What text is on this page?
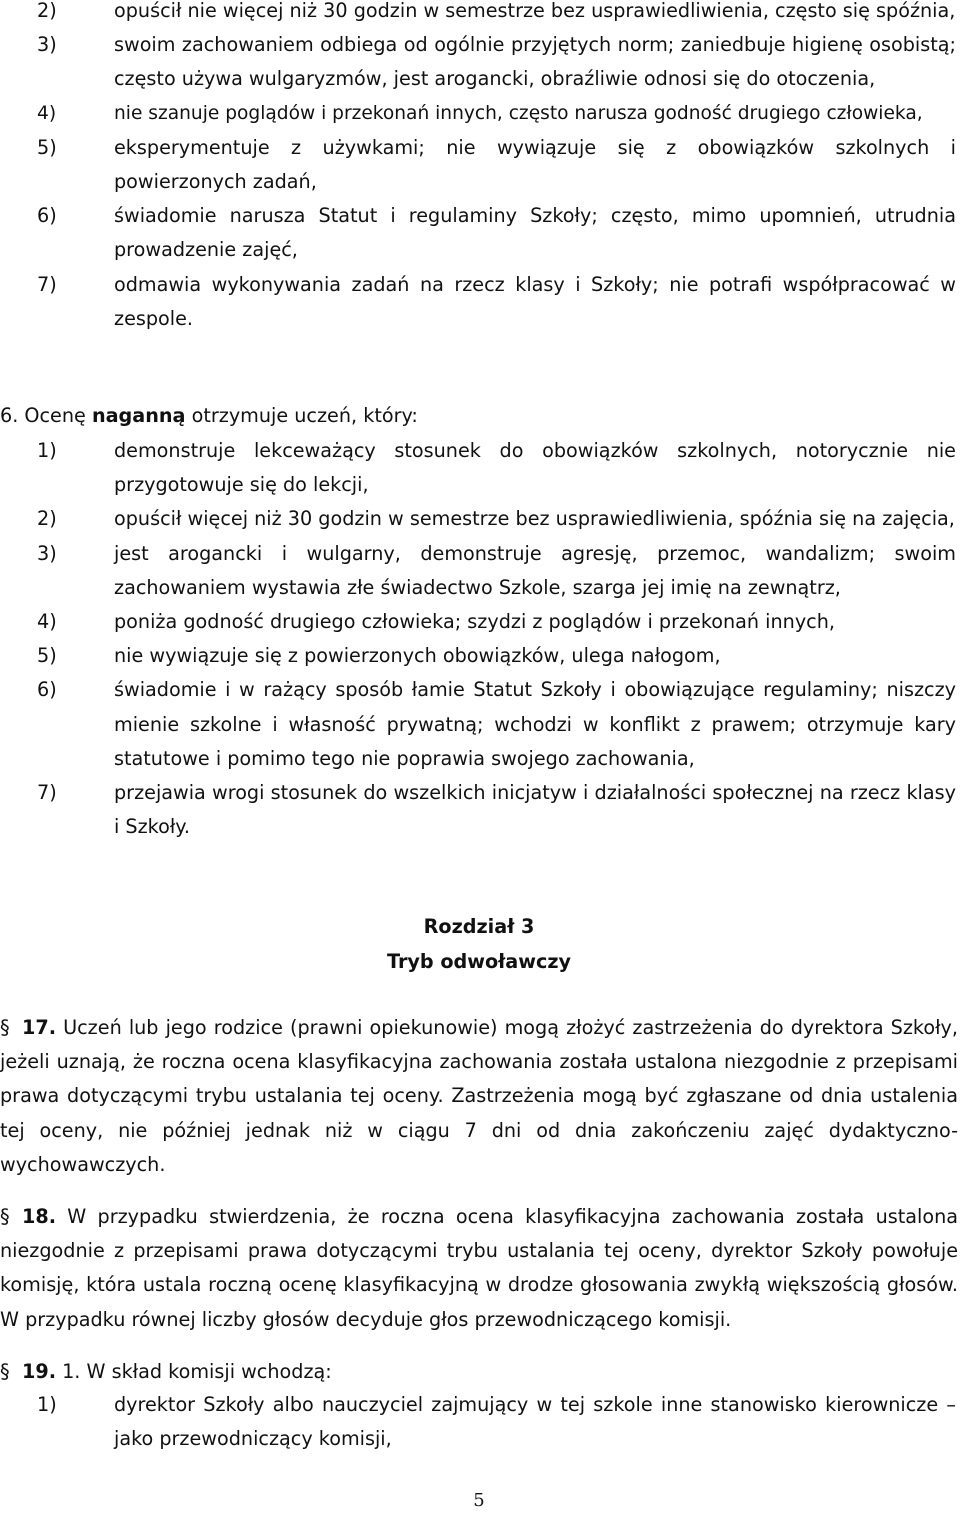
2)	opuścił nie więcej niż 30 godzin w semestrze bez usprawiedliwienia, często się spóźnia,
3)	swoim zachowaniem odbiega od ogólnie przyjętych norm; zaniedbuje higienę osobistą; często używa wulgaryzmów, jest arogancki, obraźliwie odnosi się do otoczenia,
4)	nie szanuje poglądów i przekonań innych, często narusza godność drugiego człowieka,
5)	eksperymentuje z używkami; nie wywiązuje się z obowiązków szkolnych i powierzonych zadań,
6)	świadomie narusza Statut i regulaminy Szkoły; często, mimo upomnień, utrudnia prowadzenie zajęć,
7)	odmawia wykonywania zadań na rzecz klasy i Szkoły; nie potrafi współpracować w zespole.
6. Ocenę naganną otrzymuje uczeń, który:
1)	demonstruje lekceważący stosunek do obowiązków szkolnych, notorycznie nie przygotowuje się do lekcji,
2)	opuścił więcej niż 30 godzin w semestrze bez usprawiedliwienia, spóźnia się na zajęcia,
3)	jest arogancki i wulgarny, demonstruje agresję, przemoc, wandalizm; swoim zachowaniem wystawia złe świadectwo Szkole, szarga jej imię na zewnątrz,
4)	poniża godność drugiego człowieka; szydzi z poglądów i przekonań innych,
5)	nie wywiązuje się z powierzonych obowiązków, ulega nałogom,
6)	świadomie i w rażący sposób łamie Statut Szkoły i obowiązujące regulaminy; niszczy mienie szkolne i własność prywatną; wchodzi w konflikt z prawem; otrzymuje kary statutowe i pomimo tego nie poprawia swojego zachowania,
7)	przejawia wrogi stosunek do wszelkich inicjatyw i działalności społecznej na rzecz klasy i Szkoły.
Rozdział 3
Tryb odwoławczy

§ 17. Uczeń lub jego rodzice (prawni opiekunowie) mogą złożyć zastrzeżenia do dyrektora Szkoły, jeżeli uznają, że roczna ocena klasyfikacyjna zachowania została ustalona niezgodnie z przepisami prawa dotyczącymi trybu ustalania tej oceny. Zastrzeżenia mogą być zgłaszane od dnia ustalenia tej oceny, nie później jednak niż w ciągu 7 dni od dnia zakończeniu zajęć dydaktyczno-wychowawczych.

§ 18. W przypadku stwierdzenia, że roczna ocena klasyfikacyjna zachowania została ustalona niezgodnie z przepisami prawa dotyczącymi trybu ustalania tej oceny, dyrektor Szkoły powołuje komisję, która ustala roczną ocenę klasyfikacyjną w drodze głosowania zwykłą większością głosów. W przypadku równej liczby głosów decyduje głos przewodniczącego komisji.

§ 19. 1. W skład komisji wchodzą:

1)	dyrektor Szkoły albo nauczyciel zajmujący w tej szkole inne stanowisko kierownicze – jako przewodniczący komisji,
5
